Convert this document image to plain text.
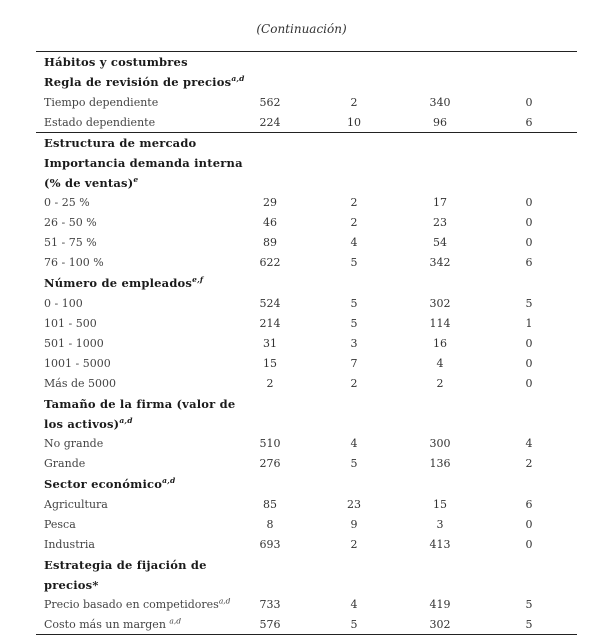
(Continuación)
Hábitos y costumbres
Regla de revisión de precios$^{a,d}$
Tiempo dependiente	562	2	340	0
Estado dependiente	224	10	96	6
Estructura de mercado
Importancia demanda interna
(% de ventas)$^e$
0 - 25 %	29	2	17	0
26 - 50 %	46	2	23	0
51 - 75 %	89	4	54	0
76 - 100 %	622	5	342	6
Número de empleados$^{e,f}$
0 - 100	524	5	302	5
101 - 500	214	5	114	1
501 - 1000	31	3	16	0
1001 - 5000	15	7	4	0
Más de 5000	2	2	2	0
Tamaño de la firma (valor de
los activos)$^{a,d}$
No grande	510	4	300	4
Grande	276	5	136	2
Sector económico$^{a,d}$
Agricultura	85	23	15	6
Pesca	8	9	3	0
Industria	693	2	413	0
Estrategia de fijación de
precios*
Precio basado en competidores$^{a,d}$	733	4	419	5
Costo más un margen $^{a,d}$	576	5	302	5
